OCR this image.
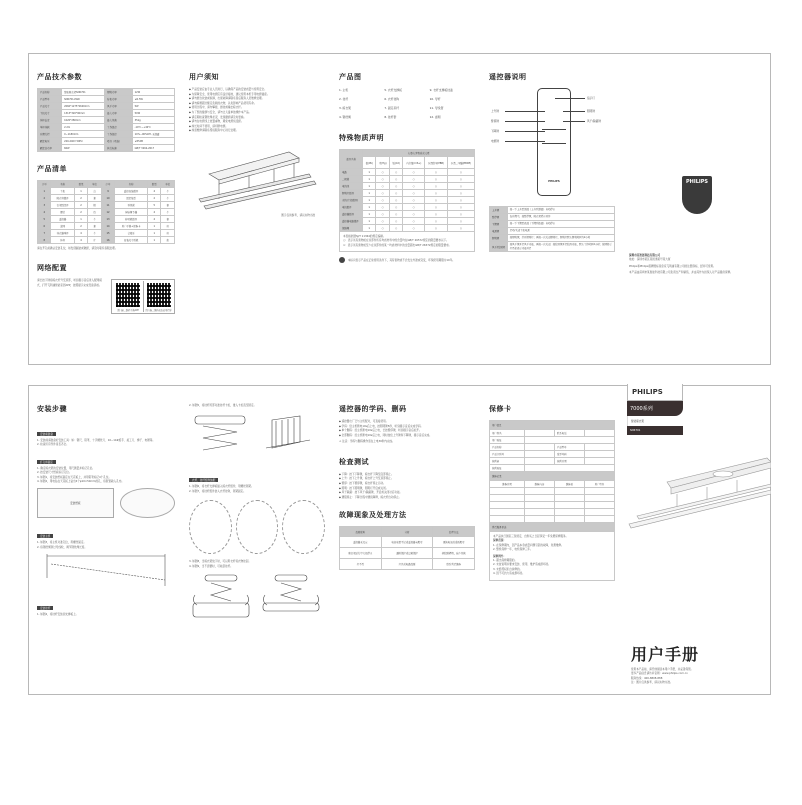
产品技术参数
产品名称	智能晾衣架SDR701	照明功率	12W
产品型号	SDR701-PAW	待机功率	≤0.5W
产品尺寸	2060*1275*2600mm	风干功率	5W
主机尺寸	1313*320*90mm	最大功率	50W
挂杆长度	1020*280mm	最大负载	35kg
单杆挂载	2.2m	工作温度	-10℃~+40℃
升降行程	0~1180mm	工作湿度	10%~90%RH, 无凝露
额定电压	220-240V 50Hz	噪音（动态）	≤55dB
额定总功率	60W	执行标准	GB/T 3262-2017
产品清单
序号	名称	数量	单位	序号	名称	数量	单位
1	主机	1	台	9	遥控安装组件	4	个
2	晾衣杆组件	2	套	10	固定端盖	2	个
3	衣架固定件	2	根	11	导线管	5	套
4	螺钉	2	包	12	伸缩调节器	4	个
5	遥控器	1	个	13	移动板组件	4	套
6	滤网	2	套	14	用户手册+保修卡	1	份
7	挂衣器零件	4	个	15	合格证	1	份
8	挂杆	4	片	16	安装尺寸纸板	1	张
请在开孔前确认安装孔位，如发现漏装或破损，请及时联系客服处理。
网络配置
请长按下键将晾衣杆升至顶部，听到提示音后进入配网模式，打开飞利浦智能家居APP，按照提示完成设备添加。
请扫描二维码下载APP	请扫描二维码获取使用指导
用户须知
◆ 产品安装应由专业人员进行，以确保产品的安装质量与使用安全。
◆ 为保障安全，使用电源应有良好接地，建议使用本机专用电源插座。
◆ 请勿擅自改装或拆卸，出现故障请联系售后服务人员维修处理。
◆ 请勿晾晒超过额定负载的衣物，以免影响产品使用寿命。
◆ 使用过程中，请勿攀爬、悬挂或撞击晾衣杆。
◆ 为了您的健康与安全，请勿让儿童单独操作本产品。
◆ 请定期检查钢丝绳状况，发现磨损请及时更换。
◆ 请勿在电源线上放置重物，避免电源线受损。
◆ 如长时间不使用，请切断电源。
◆ 如需维修请联系授权服务中心进行处理。
图示仅供参考，请以实物为准
产品图
1. 主机	5. 衣杆支撑板	9. 衣杆支撑板挂盖
2. 挂杆	6. 衣杆挂钩	10. 导杆
3. 晾衣架	7. 固定吊杆	11. 导线管
4. 钢丝绳	8. 挂杆套	12. 滤网
特殊物质声明
部件名称	有毒有害物质或元素					
	铅(Pb)	汞(Hg)	镉(Cd)	六价铬(Cr6+)	多溴联苯(PBB)	多溴二苯醚(PBDE)
电路	×	○	○	○	○	○
二极管	×	○	○	○	○	○
电线线	×	○	○	○	○	○
照明灯组件	×	○	○	○	○	○
天线(主控组件)	×	○	○	○	○	○
电机组件	×	○	○	○	○	○
遥控器组件	×	○	○	○	○	○
遥控器电路组件	×	○	○	○	○	○
钢丝绳	×	○	○	○	○	○
本表格依据SJ/T 11364的规定编制。
○：表示该有害物质在该部件所有均质材料中的含量均在GB/T 26572规定的限量要求以下。
×：表示该有害物质至少在该部件的某一均质材料中的含量超出GB/T 26572规定的限量要求。
本标识表示产品在正常使用条件下，其有害物质不会发生外泄或突变，环保使用期限为10年。
遥控器说明
PHILIPS
上升键
暂停键
下降键
电源键
指示灯
照明键
风干/除菌键
上升键	按一下上升至顶部（上升到顶部）自动停止
暂停键	在升降中，按暂停键，晾衣架停止动作
下降键	按一下下降至底部（下降到底部）自动停止
电源键	启动/关闭主机电源
照明键	按照明键，打开照明灯；再按一次关闭照明灯，照明灯默认照明时间为2小时
风干/除菌键	按风干键开启风干功能，再按一次关闭；按除菌键开启除菌功能，默认工作时间2小时；按键指示灯亮起表示功能开启
PHILIPS
深圳市某智能科技有限公司
地址：深圳市某区某街道某号某大厦
Philips和Philips盾牌图标是皇家飞利浦有限公司的注册商标，经许可使用。
本产品由深圳市某智能科技有限公司负责生产和销售，并由其作为担保人对产品提供保修。
安装步骤
安装前准备
1. 安装前请准备好安装工具：如：钢尺、铅笔、十字螺丝刀、10~14#扳手、美工刀、梯子、电锤等。
2. 检查所有零件是否齐全。
打孔和固定
1. 确定晾衣架的安装位置，用尺测量并标记孔位。
2. 按安装尺寸纸板标记孔位。
3. 如图1，将安装纸板固定在天花板上，并用铅笔标记4个孔位。
4. 如图2，用电钻在天花板上钻出4个φ10×50mm的孔，将胀管敲入孔内。
安装纸板
安装主机
1. 如图3，将主机对准孔位，用螺丝固定。
2. 将钢丝绳穿过导线轮，调节钢丝绳长度。
安装挂杆
1. 如图4，将挂杆安装到支撑板上。
2. 如图5，将挂杆尾部对准挂杆卡扣，推入卡扣直至锁定。
衣杆、挂杆组件装配
1. 如图6，将衣杆支撑板插入晾衣杆组件，用螺丝锁紧。
2. 如图7，将挂杆组件装入衣杆挂钩，锁紧固定。
3. 如图8，当晾衣架放下时，可以用衣杆将衣物挂起。
4. 如图9，当不需要时，可收起挂杆。
遥控器的学码、删码
◆ 遥控器出厂已与主机配对，可直接使用。
◆ 学码：给主机断电10s后上电，按照明键5秒，听到提示音后完成学码。
◆ 单个删码：给主机断电10s后上电，长按暂停键，听到提示音后松开。
◆ 全部删码：给主机断电10s后上电，同时按住上升键和下降键，提示音后完成。
⚠ 注意：学码与删码操作需在上电30秒内完成。
检查测试
◆ 下降：按下下降键，晾衣杆下降至底部停止。
◆ 上升：按下上升键，晾衣杆上升至顶部停止。
◆ 暂停：按下暂停键，晾衣杆停止运动。
◆ 照明：按下照明键，照明灯开启或关闭。
◆ 风干除菌：按下风干/除菌键，开启或关闭对应功能。
◆ 遇阻停止：下降过程中遇到障碍，晾衣杆自动停止。
故障现象及处理方法
故障现象	分析	处理方法
遥控器无反应	电池电量不足或遥控器未配对	更换电池或重新配对
晾衣架运行中突然停止	遇阻保护或过载保护	移除障碍物，减少负载
灯不亮	灯具或电路故障	联系售后维修
保修卡
用户信息			
用户姓名		联系电话	
用户地址			
产品名称		产品型号	
产品序列号		发票号码	
销售商		销售日期	
销售地址			
维修记录			
维修日期	维修内容	维修员	用户签名

售后服务承诺			
本产品执行国家三包规定，自购买之日起享受一年免费保修服务。
保修范围：
1. 在保修期内，因产品本身质量问题引起的故障，免费维修。
2. 整机保修一年，电机保修三年。
保修例外：
1. 超出保修期限的。
2. 未按说明书要求安装、使用、维护造成损坏的。
3. 未经授权私自拆修的。
4. 因不可抗力造成损坏的。
PHILIPS
7000系列
智能晾衣架
SDR701
用户手册
使用本产品前，请仔细阅读本用户手册，并妥善保管。
更多产品信息请访问官网：www.philips.com.cn
服务热线：400-8808-888
注：图片仅供参考，请以实物为准。
